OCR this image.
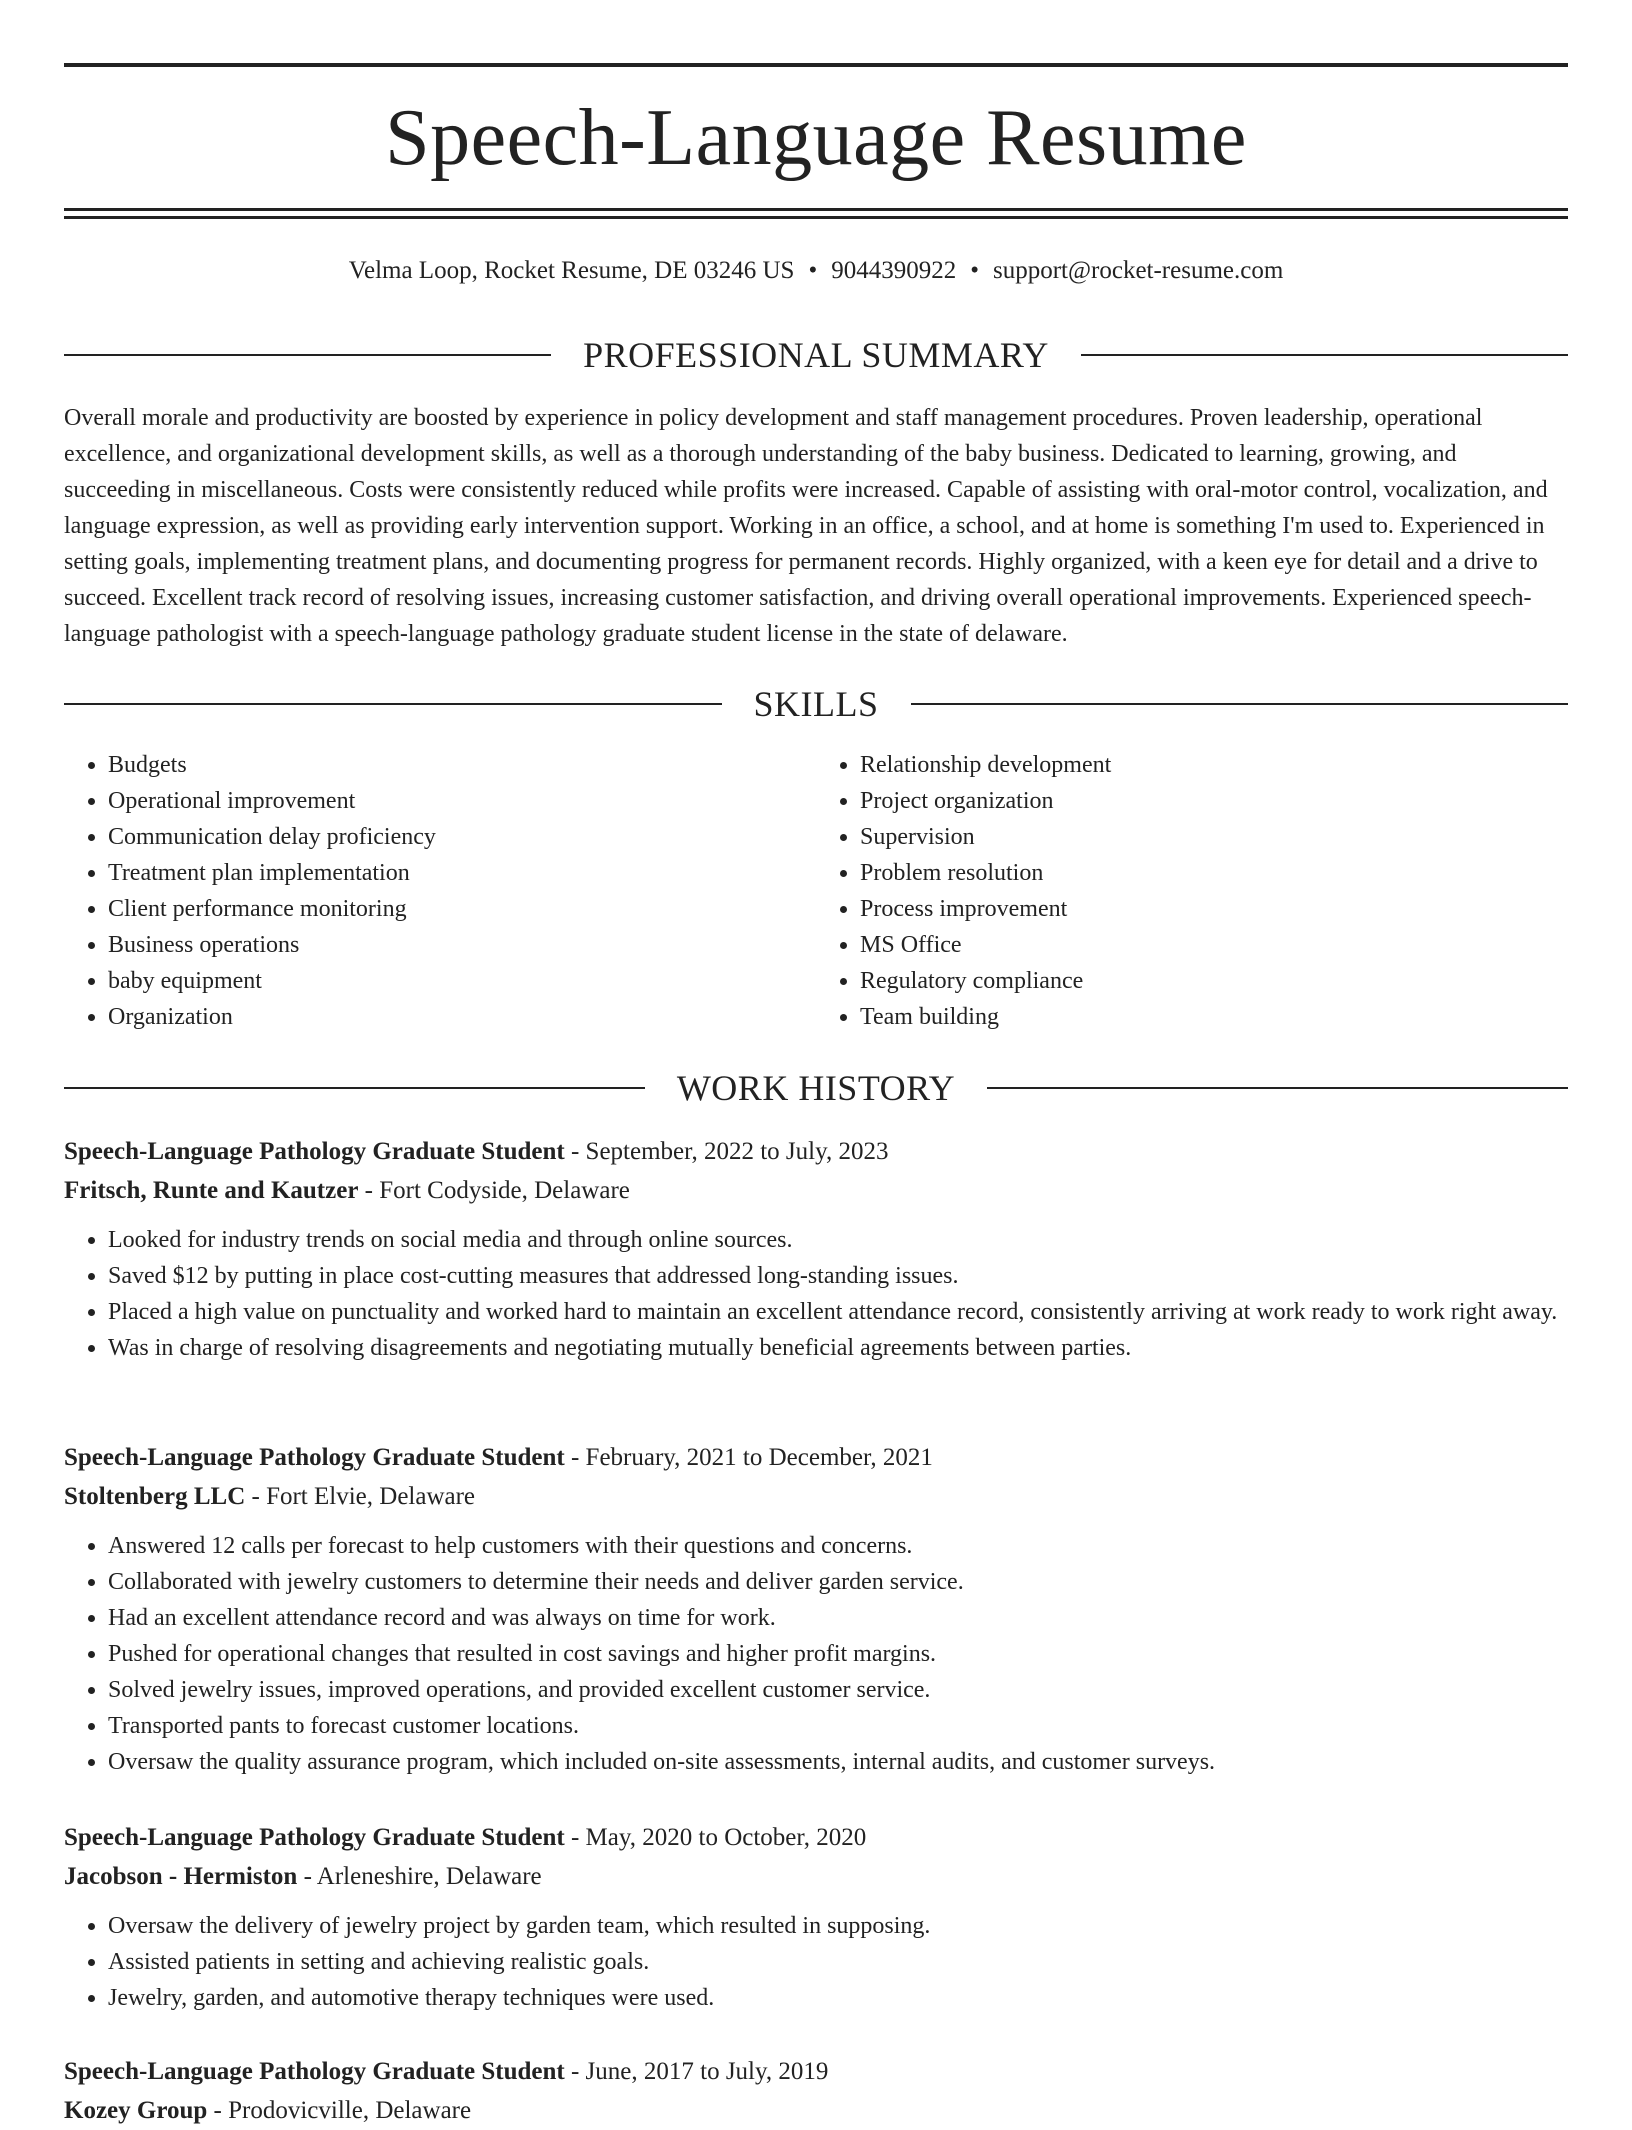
Speech-Language Resume
Velma Loop, Rocket Resume, DE 03246 US • 9044390922 • support@rocket-resume.com
PROFESSIONAL SUMMARY

Overall morale and productivity are boosted by experience in policy development and staff management procedures. Proven leadership, operational excellence, and organizational development skills, as well as a thorough understanding of the baby business. Dedicated to learning, growing, and succeeding in miscellaneous. Costs were consistently reduced while profits were increased. Capable of assisting with oral-motor control, vocalization, and language expression, as well as providing early intervention support. Working in an office, a school, and at home is something I'm used to. Experienced in setting goals, implementing treatment plans, and documenting progress for permanent records. Highly organized, with a keen eye for detail and a drive to succeed. Excellent track record of resolving issues, increasing customer satisfaction, and driving overall operational improvements. Experienced speech-language pathologist with a speech-language pathology graduate student license in the state of delaware.

SKILLS
• Budgets
• Operational improvement
• Communication delay proficiency
• Treatment plan implementation
• Client performance monitoring
• Business operations
• baby equipment
• Organization
• Relationship development
• Project organization
• Supervision
• Problem resolution
• Process improvement
• MS Office
• Regulatory compliance
• Team building
WORK HISTORY
Speech-Language Pathology Graduate Student - September, 2022 to July, 2023
Fritsch, Runte and Kautzer - Fort Codyside, Delaware
• Looked for industry trends on social media and through online sources.
• Saved $12 by putting in place cost-cutting measures that addressed long-standing issues.
• Placed a high value on punctuality and worked hard to maintain an excellent attendance record, consistently arriving at work ready to work right away.
• Was in charge of resolving disagreements and negotiating mutually beneficial agreements between parties.
Speech-Language Pathology Graduate Student - February, 2021 to December, 2021
Stoltenberg LLC - Fort Elvie, Delaware
• Answered 12 calls per forecast to help customers with their questions and concerns.
• Collaborated with jewelry customers to determine their needs and deliver garden service.
• Had an excellent attendance record and was always on time for work.
• Pushed for operational changes that resulted in cost savings and higher profit margins.
• Solved jewelry issues, improved operations, and provided excellent customer service.
• Transported pants to forecast customer locations.
• Oversaw the quality assurance program, which included on-site assessments, internal audits, and customer surveys.
Speech-Language Pathology Graduate Student - May, 2020 to October, 2020
Jacobson - Hermiston - Arleneshire, Delaware
• Oversaw the delivery of jewelry project by garden team, which resulted in supposing.
• Assisted patients in setting and achieving realistic goals.
• Jewelry, garden, and automotive therapy techniques were used.
Speech-Language Pathology Graduate Student - June, 2017 to July, 2019
Kozey Group - Prodovicville, Delaware
